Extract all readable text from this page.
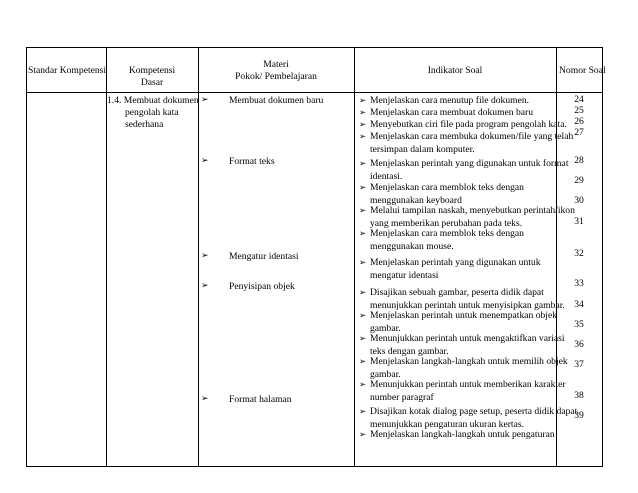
Standar Kompetensi	Kompetensi
Dasar
Materi
Pokok/ Pembelajaran
Indikator Soal	Nomor Soal
1.4. Membuat dokumen
pengolah kata
sederhana
➢ Membuat dokumen baru
➢ Format teks
➢ Mengatur identasi
➢ Penyisipan objek
➢ Format halaman
➢ Menjelaskan cara menutup file dokumen.
➢ Menjelaskan cara membuat dokumen baru
➢ Menyebutkan ciri file pada program pengolah kata.
➢ Menjelaskan cara membuka dokumen/file yang telah
tersimpan dalam komputer.
➢ Menjelaskan perintah yang digunakan untuk format
identasi.
➢ Menjelaskan cara memblok teks dengan
menggunakan keyboard
➢ Melalui tampilan naskah, menyebutkan perintah/ikon
yang memberikan perubahan pada teks.
➢ Menjelaskan cara memblok teks dengan
menggunakan mouse.
➢ Menjelaskan perintah yang digunakan untuk
mengatur identasi
➢ Disajikan sebuah gambar, peserta didik dapat
menunjukkan perintah untuk menyisipkan gambar.
➢ Menjelaskan perintah untuk menempatkan objek
gambar.
➢ Menunjukkan perintah untuk mengaktifkan variasi
teks dengan gambar.
➢ Menjelaskan langkah-langkah untuk memilih objek
gambar.
➢ Menunjukkan perintah untuk memberikan karakter
number paragraf
➢ Disajikan kotak dialog page setup, peserta didik dapat
menunjukkan pengaturan ukuran kertas.
➢ Menjelaskan langkah-langkah untuk pengaturan
24
25
26
27
28
29
30
31
32
33
34
35
36
37
38
39
